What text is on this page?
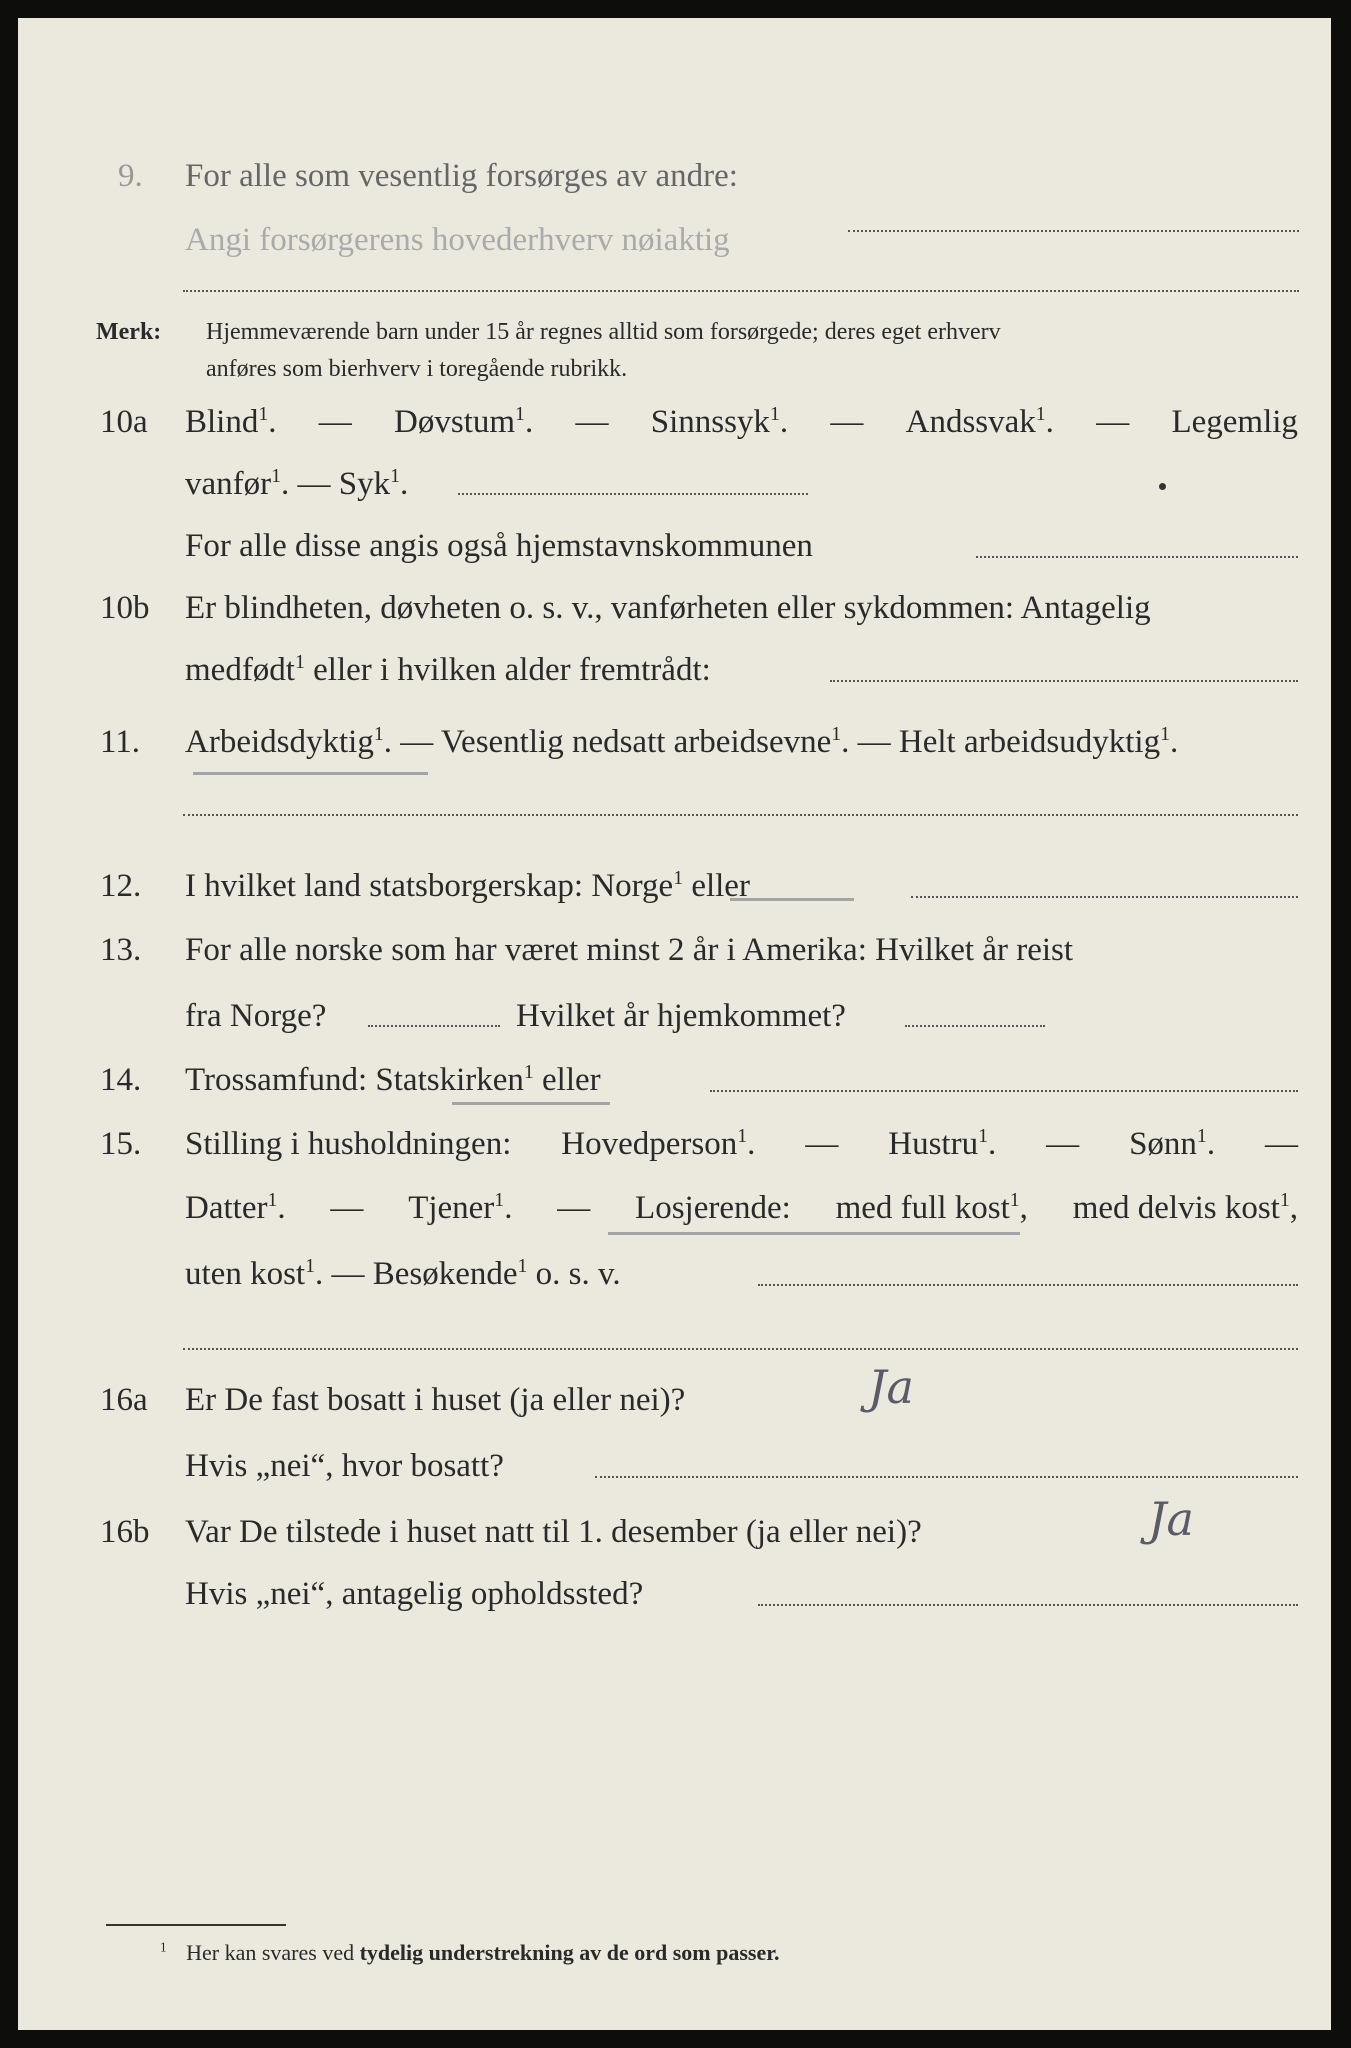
9. For alle som vesentlig forsørges av andre:
Angi forsørgerens hovederhverv nøiaktig
Merk: Hjemmeværende barn under 15 år regnes alltid som forsørgede; deres eget erhverv
anføres som bierhverv i toregående rubrikk.
10a Blind$^1$. — Døvstum$^1$. — Sinnssyk$^1$. — Andssvak$^1$. — Legemlig
vanfør$^1$. — Syk$^1$.
For alle disse angis også hjemstavnskommunen
10b Er blindheten, døvheten o. s. v., vanførheten eller sykdommen: Antagelig
medfødt$^1$ eller i hvilken alder fremtrådt:
11. Arbeidsdyktig$^1$. — Vesentlig nedsatt arbeidsevne$^1$. — Helt arbeidsudyktig$^1$.
12. I hvilket land statsborgerskap: Norge$^1$ eller
13. For alle norske som har været minst 2 år i Amerika: Hvilket år reist
fra Norge?	Hvilket år hjemkommet?
14. Trossamfund: Statskirken$^1$ eller
15. Stilling i husholdningen: Hovedperson$^1$. — Hustru$^1$. — Sønn$^1$. —
Datter$^1$. — Tjener$^1$. — Losjerende: med full kost$^1$, med delvis kost$^1$,
uten kost$^1$. — Besøkende$^1$ o. s. v.
16a Er De fast bosatt i huset (ja eller nei)?	Ja
Hvis „nei“, hvor bosatt?
16b Var De tilstede i huset natt til 1. desember (ja eller nei)?	Ja
Hvis „nei“, antagelig opholdssted?
$^1$ Her kan svares ved tydelig understrekning av de ord som passer.
